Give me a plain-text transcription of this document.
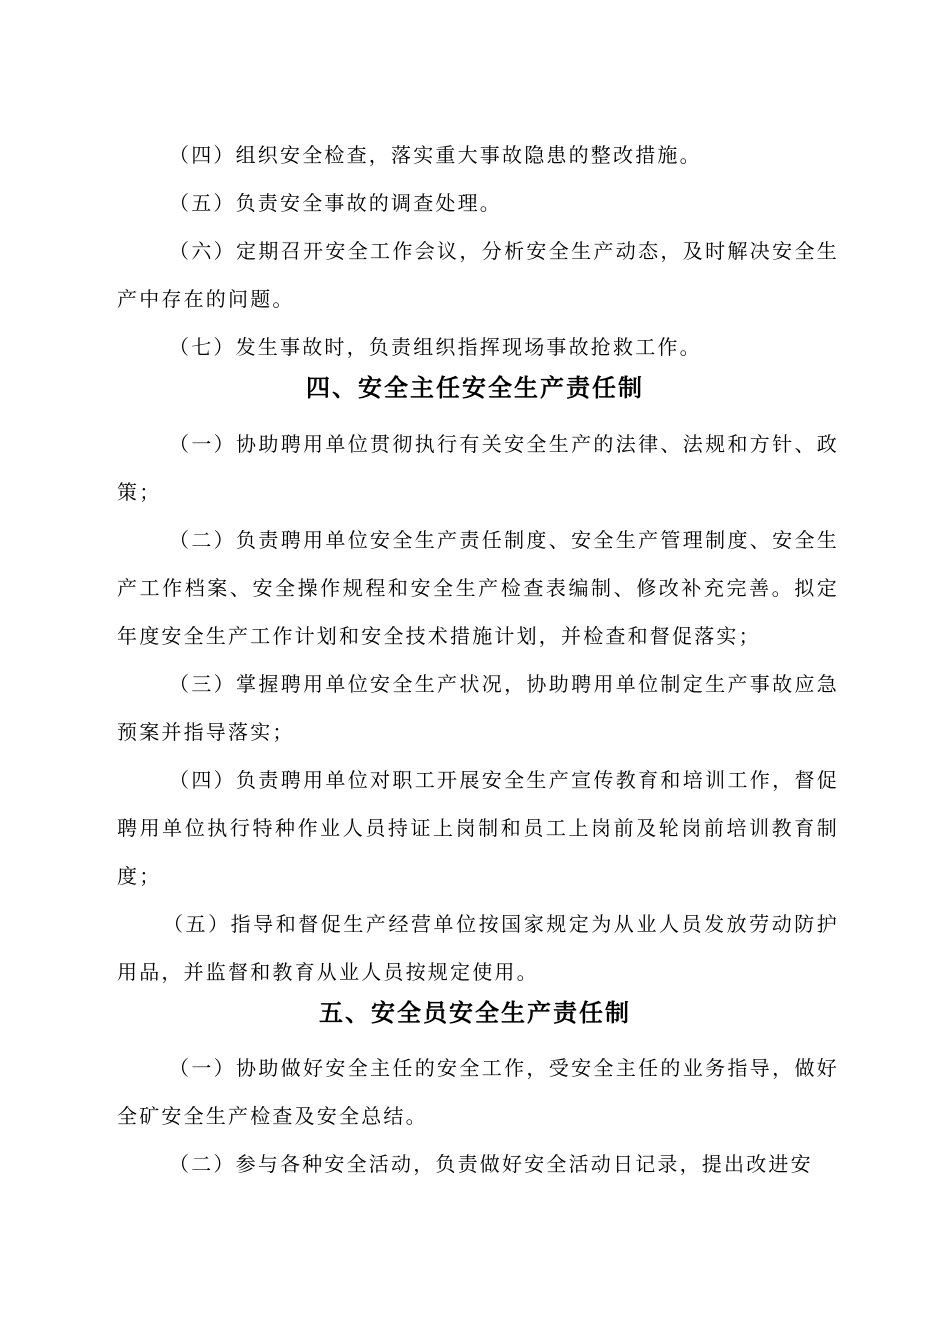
（四）组织安全检查，落实重大事故隐患的整改措施。

（五）负责安全事故的调查处理。

（六）定期召开安全工作会议，分析安全生产动态，及时解决安全生产中存在的问题。

（七）发生事故时，负责组织指挥现场事故抢救工作。

四、安全主任安全生产责任制

（一）协助聘用单位贯彻执行有关安全生产的法律、法规和方针、政策；

（二）负责聘用单位安全生产责任制度、安全生产管理制度、安全生产工作档案、安全操作规程和安全生产检查表编制、修改补充完善。拟定年度安全生产工作计划和安全技术措施计划，并检查和督促落实；

（三）掌握聘用单位安全生产状况，协助聘用单位制定生产事故应急预案并指导落实；

（四）负责聘用单位对职工开展安全生产宣传教育和培训工作，督促聘用单位执行特种作业人员持证上岗制和员工上岗前及轮岗前培训教育制度；

（五）指导和督促生产经营单位按国家规定为从业人员发放劳动防护用品，并监督和教育从业人员按规定使用。

五、安全员安全生产责任制

（一）协助做好安全主任的安全工作，受安全主任的业务指导，做好全矿安全生产检查及安全总结。

（二）参与各种安全活动，负责做好安全活动日记录，提出改进安
